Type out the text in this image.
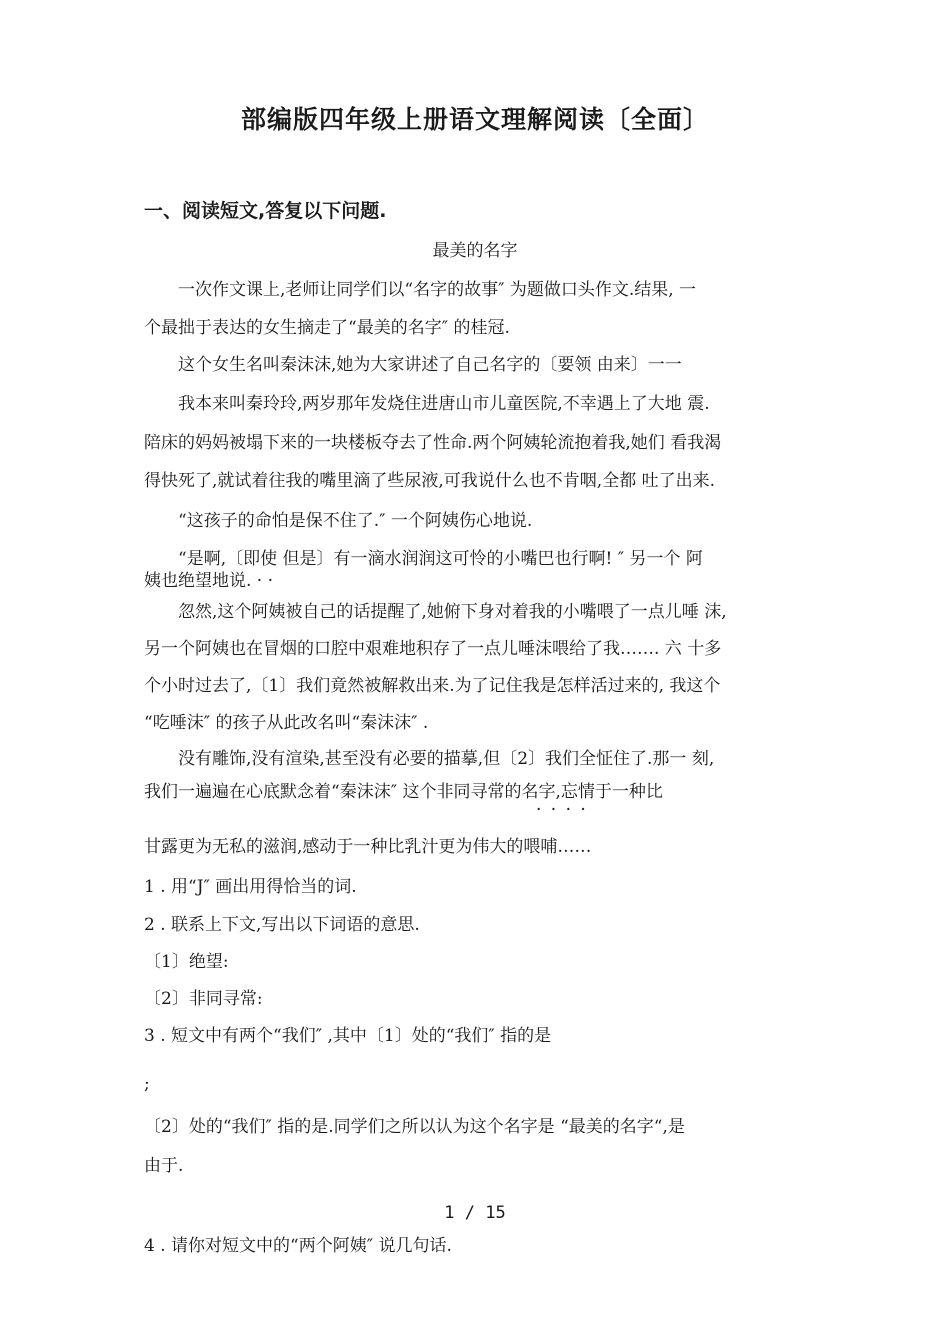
部编版四年级上册语文理解阅读〔全面〕
一、阅读短文,答复以下问题.
最美的名字
一次作文课上,老师让同学们以“名字的故事″ 为题做口头作文.结果, 一
个最拙于表达的女生摘走了“最美的名字″ 的桂冠.
这个女生名叫秦沫沫,她为大家讲述了自己名字的〔要领 由来〕一一
我本来叫秦玲玲,两岁那年发烧住进唐山市儿童医院,不幸遇上了大地 震.
陪床的妈妈被塌下来的一块楼板夺去了性命.两个阿姨轮流抱着我,她们 看我渴
得快死了,就试着往我的嘴里滴了些尿液,可我说什么也不肯咽,全都 吐了出来.
“这孩子的命怕是保不住了.″ 一个阿姨伤心地说.
“是啊,〔即使 但是〕有一滴水润润这可怜的小嘴巴也行啊! ″ 另一个 阿
姨也绝望地说. · ·
忽然,这个阿姨被自己的话提醒了,她俯下身对着我的小嘴喂了一点儿唾 沫,
另一个阿姨也在冒烟的口腔中艰难地积存了一点儿唾沫喂给了我……. 六 十多
个小时过去了,〔1〕我们竟然被解救出来.为了记住我是怎样活过来的, 我这个
“吃唾沫″ 的孩子从此改名叫“秦沫沫″ .
没有雕饰,没有渲染,甚至没有必要的描摹,但〔2〕我们全怔住了.那一 刻,
我们一遍遍在心底默念着“秦沫沫″ 这个非同寻常的名字,忘情于一种比
· · · ·
甘露更为无私的滋润,感动于一种比乳汁更为伟大的喂哺……
1 . 用“J″ 画出用得恰当的词.
2 . 联系上下文,写出以下词语的意思.
〔1〕绝望:
〔2〕非同寻常:
3 . 短文中有两个“我们″ ,其中〔1〕处的“我们″ 指的是
;
〔2〕处的“我们″ 指的是.同学们之所以认为这个名字是 “最美的名字“,是
由于.
1 / 15
4 . 请你对短文中的“两个阿姨″ 说几句话.
